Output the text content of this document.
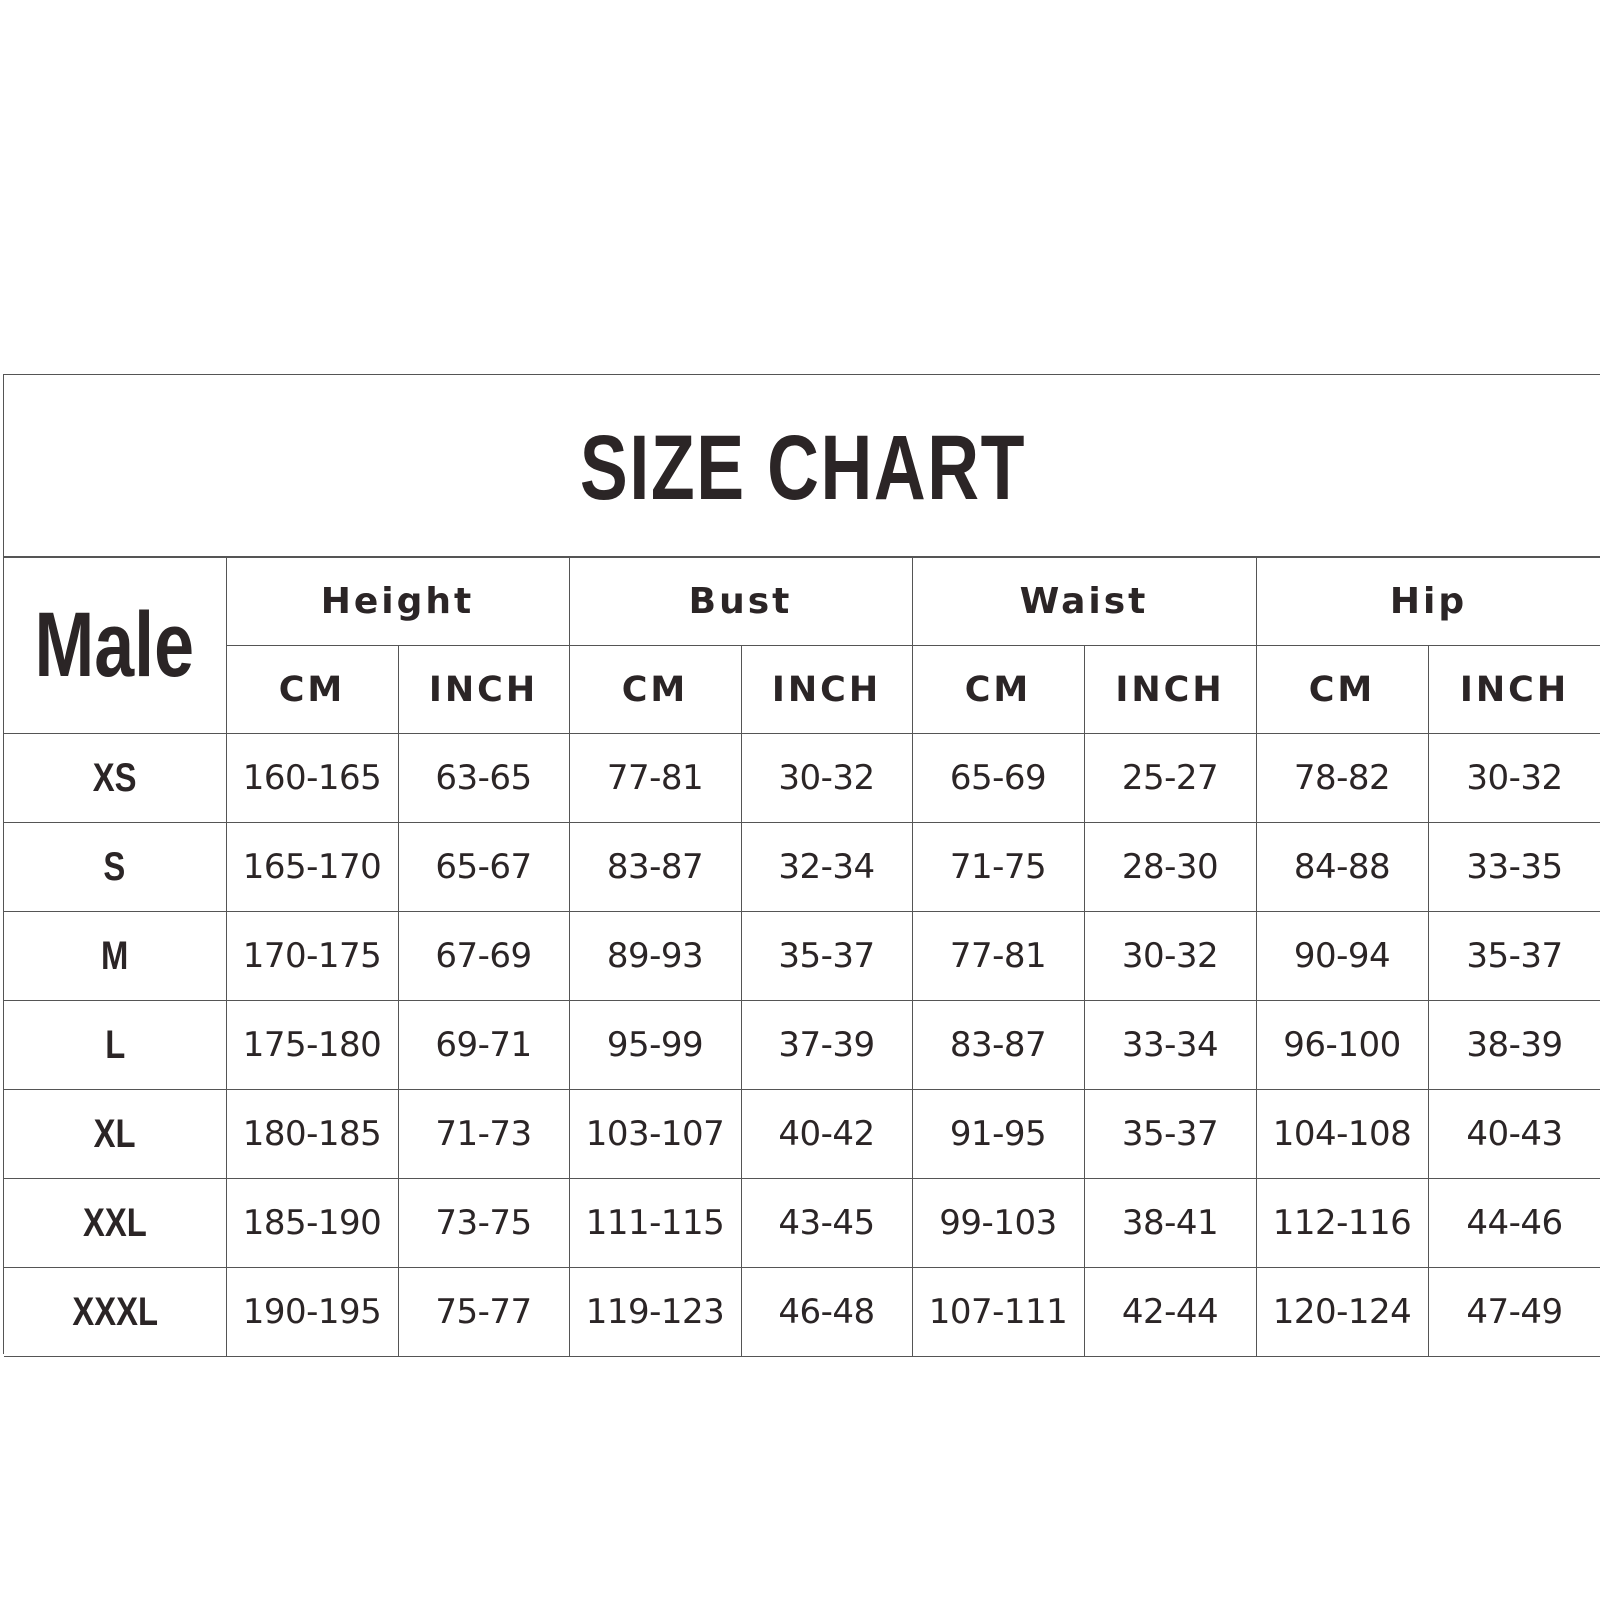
SIZE CHART
Male	Height		Bust		Waist		Hip	
	CM	INCH	CM	INCH	CM	INCH	CM	INCH
XS	160-165	63-65	77-81	30-32	65-69	25-27	78-82	30-32
S	165-170	65-67	83-87	32-34	71-75	28-30	84-88	33-35
M	170-175	67-69	89-93	35-37	77-81	30-32	90-94	35-37
L	175-180	69-71	95-99	37-39	83-87	33-34	96-100	38-39
XL	180-185	71-73	103-107	40-42	91-95	35-37	104-108	40-43
XXL	185-190	73-75	111-115	43-45	99-103	38-41	112-116	44-46
XXXL	190-195	75-77	119-123	46-48	107-111	42-44	120-124	47-49
